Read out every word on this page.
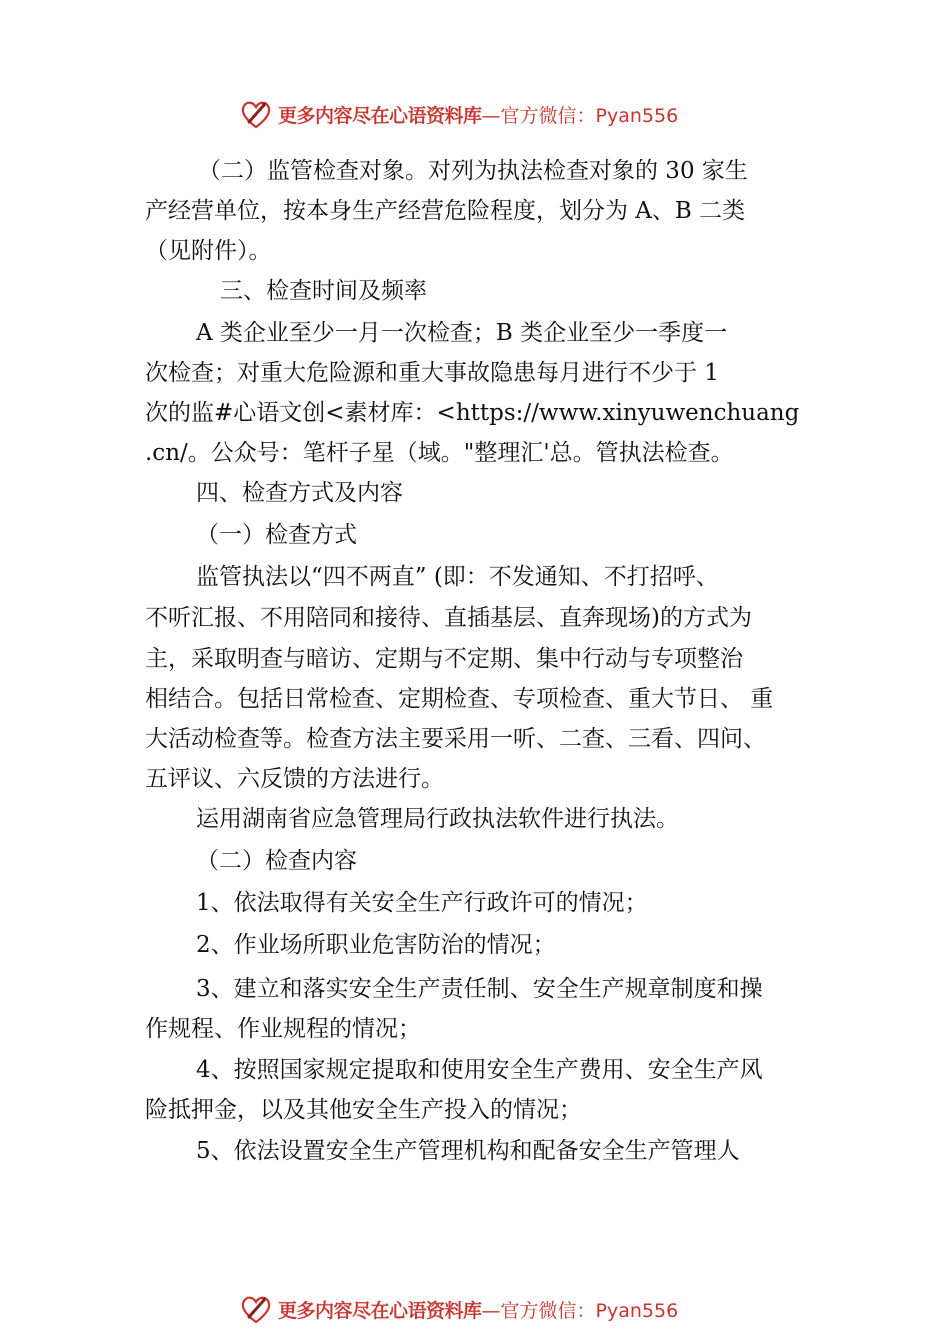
更多内容尽在心语资料库 —官方微信：Pyan556
（二）监管检查对象。对列为执法检查对象的 30 家生
产经营单位，按本身生产经营危险程度，划分为 A、B 二类
（见附件）。
三、检查时间及频率
A 类企业至少一月一次检查；B 类企业至少一季度一
次检查；对重大危险源和重大事故隐患每月进行不少于 1
次的监#心语文创<素材库：<https://www.xinyuwenchuang
.cn/。公众号：笔杆子星（域。"整理汇'总。管执法检查。
四、检查方式及内容
（一）检查方式
监管执法以“四不两直” (即：不发通知、不打招呼、
不听汇报、不用陪同和接待、直插基层、直奔现场)的方式为
主，采取明查与暗访、定期与不定期、集中行动与专项整治
相结合。包括日常检查、定期检查、专项检查、重大节日、 重
大活动检查等。检查方法主要采用一听、二查、三看、四问、
五评议、六反馈的方法进行。
运用湖南省应急管理局行政执法软件进行执法。
（二）检查内容
1、依法取得有关安全生产行政许可的情况；
2、作业场所职业危害防治的情况；
3、建立和落实安全生产责任制、安全生产规章制度和操
作规程、作业规程的情况；
4、按照国家规定提取和使用安全生产费用、安全生产风
险抵押金，以及其他安全生产投入的情况；
5、依法设置安全生产管理机构和配备安全生产管理人
更多内容尽在心语资料库 —官方微信：Pyan556
